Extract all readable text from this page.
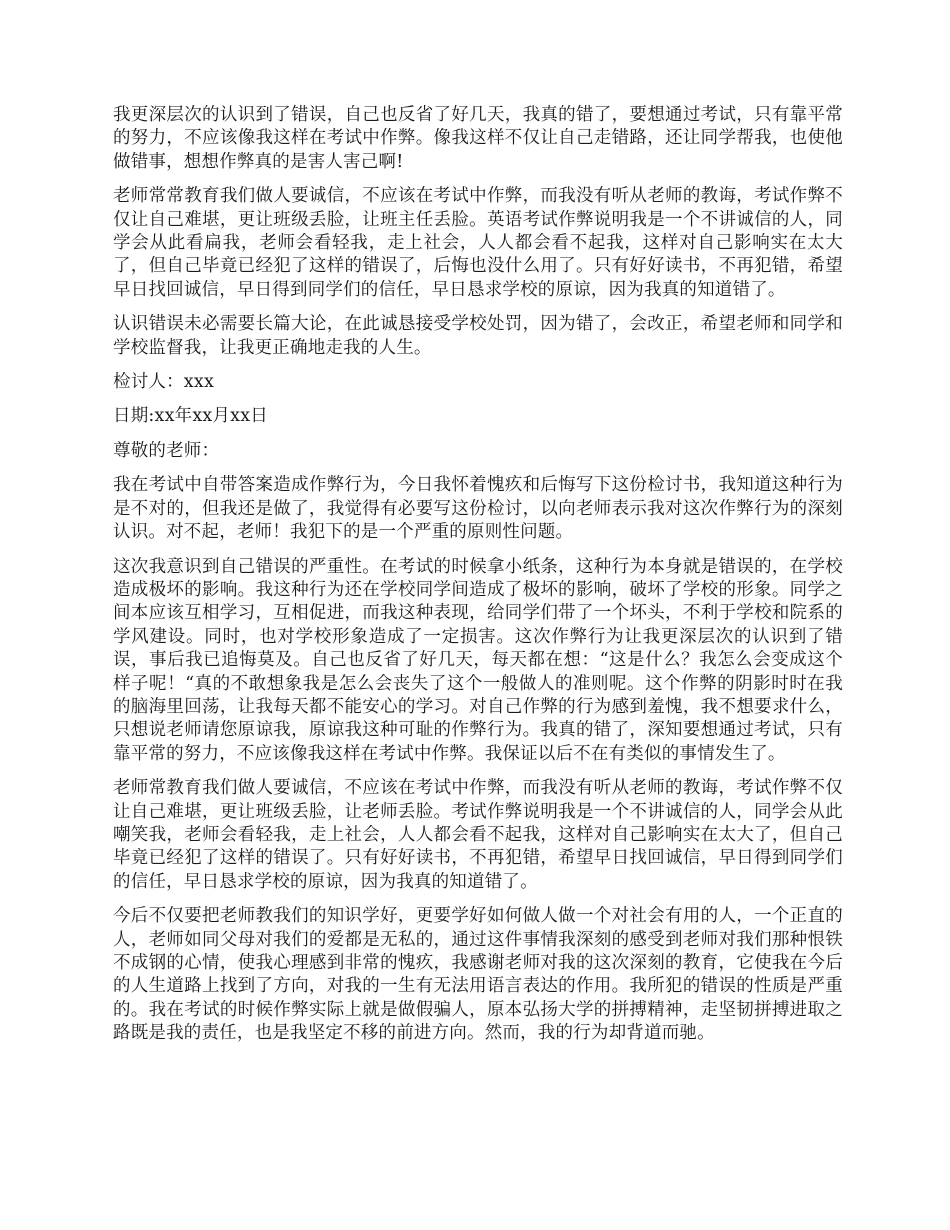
我更深层次的认识到了错误，自己也反省了好几天，我真的错了，要想通过考试，只有靠平常的努力，不应该像我这样在考试中作弊。像我这样不仅让自己走错路，还让同学帮我，也使他做错事，想想作弊真的是害人害己啊!

老师常常教育我们做人要诚信，不应该在考试中作弊，而我没有听从老师的教诲，考试作弊不仅让自己难堪，更让班级丢脸，让班主任丢脸。英语考试作弊说明我是一个不讲诚信的人，同学会从此看扁我，老师会看轻我，走上社会，人人都会看不起我，这样对自己影响实在太大了，但自己毕竟已经犯了这样的错误了，后悔也没什么用了。只有好好读书，不再犯错，希望早日找回诚信，早日得到同学们的信任，早日恳求学校的原谅，因为我真的知道错了。

认识错误未必需要长篇大论，在此诚恳接受学校处罚，因为错了，会改正，希望老师和同学和学校监督我，让我更正确地走我的人生。

检讨人：xxx

日期:xx年xx月xx日

尊敬的老师：

我在考试中自带答案造成作弊行为，今日我怀着愧疚和后悔写下这份检讨书，我知道这种行为是不对的，但我还是做了，我觉得有必要写这份检讨，以向老师表示我对这次作弊行为的深刻认识。对不起，老师！我犯下的是一个严重的原则性问题。

这次我意识到自己错误的严重性。在考试的时候拿小纸条，这种行为本身就是错误的，在学校造成极坏的影响。我这种行为还在学校同学间造成了极坏的影响，破坏了学校的形象。同学之间本应该互相学习，互相促进，而我这种表现，给同学们带了一个坏头，不利于学校和院系的学风建设。同时，也对学校形象造成了一定损害。这次作弊行为让我更深层次的认识到了错误，事后我已追悔莫及。自己也反省了好几天，每天都在想：“这是什么？我怎么会变成这个样子呢！“真的不敢想象我是怎么会丧失了这个一般做人的准则呢。这个作弊的阴影时时在我的脑海里回荡，让我每天都不能安心的学习。对自己作弊的行为感到羞愧，我不想要求什么，只想说老师请您原谅我，原谅我这种可耻的作弊行为。我真的错了，深知要想通过考试，只有靠平常的努力，不应该像我这样在考试中作弊。我保证以后不在有类似的事情发生了。

老师常教育我们做人要诚信，不应该在考试中作弊，而我没有听从老师的教诲，考试作弊不仅让自己难堪，更让班级丢脸，让老师丢脸。考试作弊说明我是一个不讲诚信的人，同学会从此嘲笑我，老师会看轻我，走上社会，人人都会看不起我，这样对自己影响实在太大了，但自己毕竟已经犯了这样的错误了。只有好好读书，不再犯错，希望早日找回诚信，早日得到同学们的信任，早日恳求学校的原谅，因为我真的知道错了。

今后不仅要把老师教我们的知识学好，更要学好如何做人做一个对社会有用的人，一个正直的人，老师如同父母对我们的爱都是无私的，通过这件事情我深刻的感受到老师对我们那种恨铁不成钢的心情，使我心理感到非常的愧疚，我感谢老师对我的这次深刻的教育，它使我在今后的人生道路上找到了方向，对我的一生有无法用语言表达的作用。我所犯的错误的性质是严重的。我在考试的时候作弊实际上就是做假骗人，原本弘扬大学的拼搏精神，走坚韧拼搏进取之路既是我的责任，也是我坚定不移的前进方向。然而，我的行为却背道而驰。
